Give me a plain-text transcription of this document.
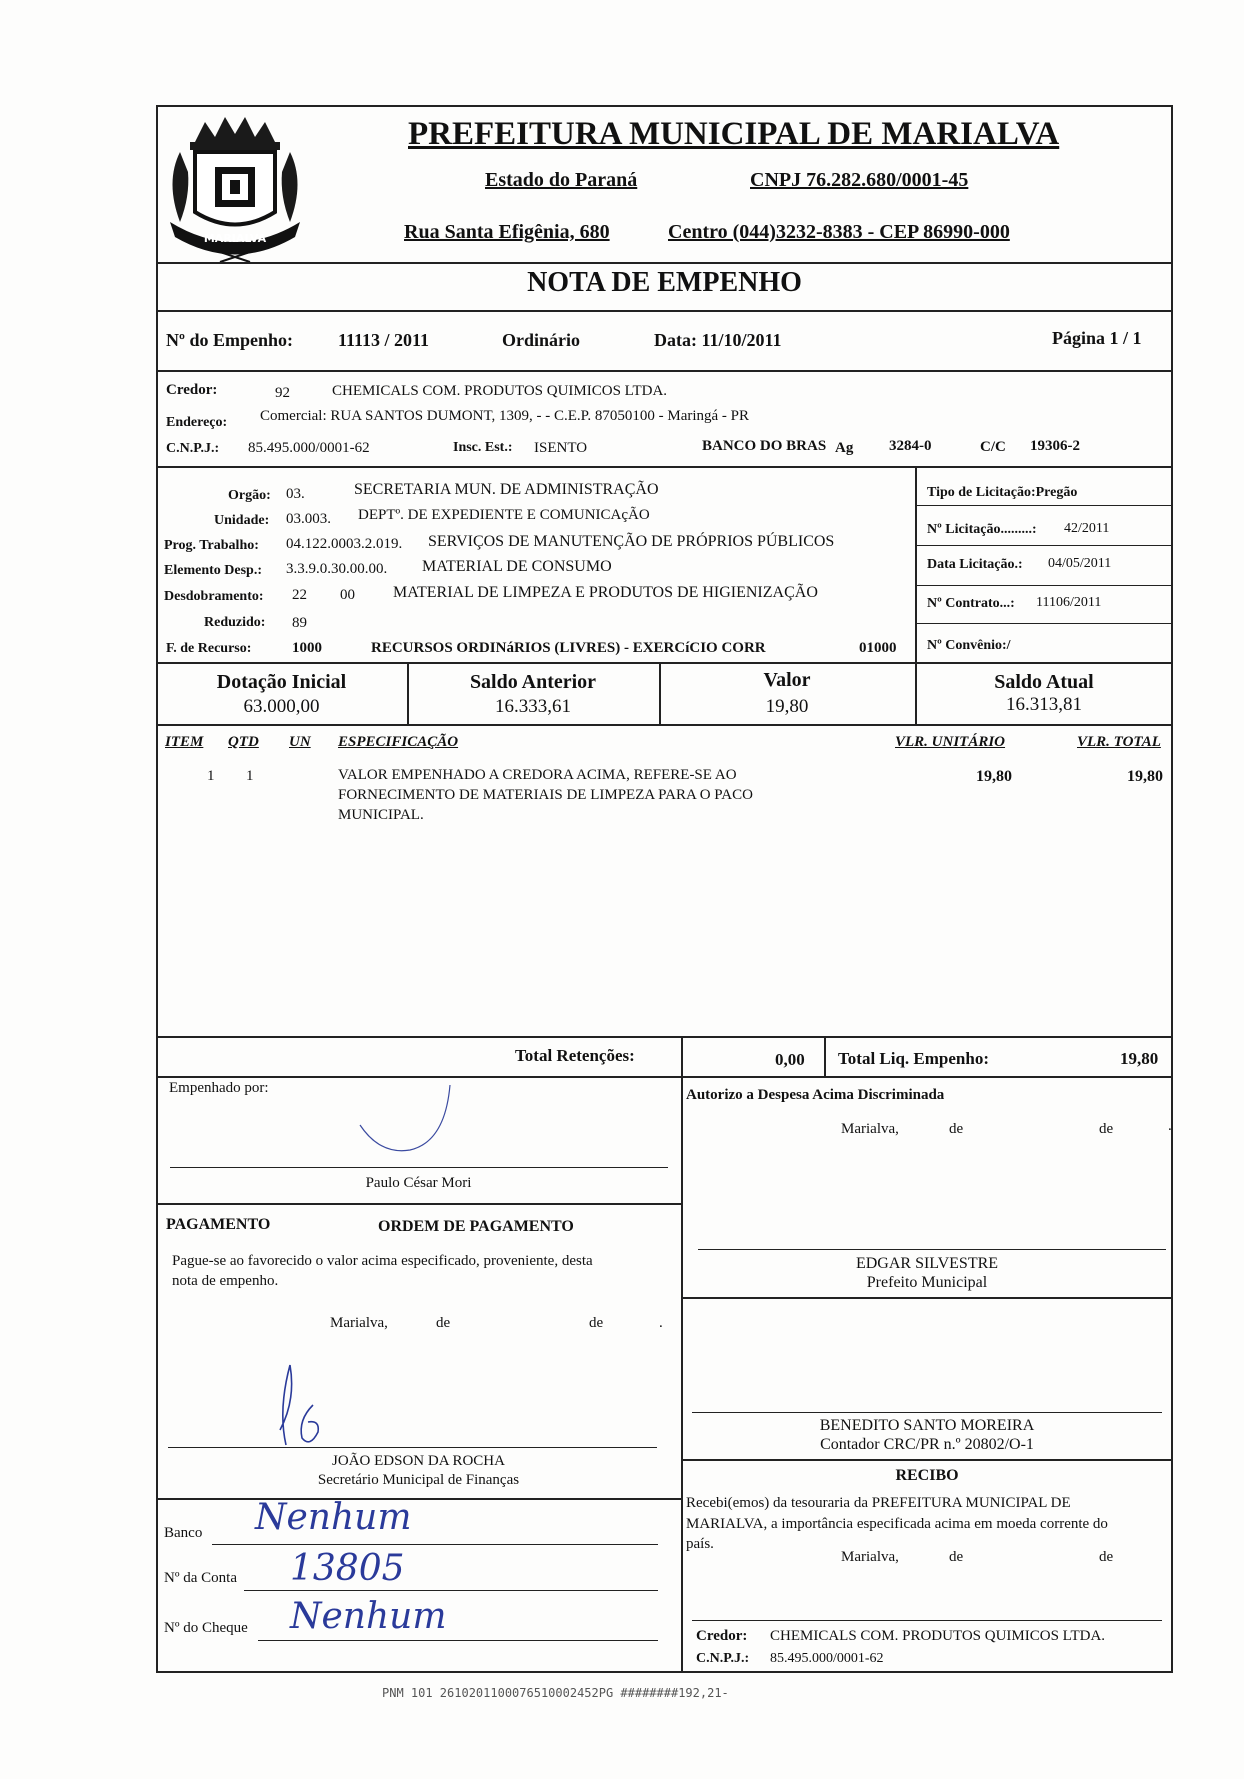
MARIALVA
PREFEITURA MUNICIPAL DE MARIALVA
Estado do Paraná	CNPJ 76.282.680/0001-45
Rua Santa Efigênia, 680	Centro (044)3232-8383 - CEP 86990-000
NOTA DE EMPENHO
Nº do Empenho:	11113 / 2011	Ordinário	Data: 11/10/2011	Página 1 / 1
Credor:	92	CHEMICALS COM. PRODUTOS QUIMICOS LTDA.
Endereço: Comercial: RUA SANTOS DUMONT, 1309, - - C.E.P. 87050100 - Maringá - PR
C.N.P.J.: 85.495.000/0001-62	Insc. Est.: ISENTO	BANCO DO BRAS Ag 3284-0	C/C 19306-2
Orgão: 03.	SECRETARIA MUN. DE ADMINISTRAÇÃO
Unidade: 03.003. DEPTº. DE EXPEDIENTE E COMUNICAçÃO
Prog. Trabalho: 04.122.0003.2.019. SERVIÇOS DE MANUTENÇÃO DE PRÓPRIOS PÚBLICOS
Elemento Desp.: 3.3.9.0.30.00.00. MATERIAL DE CONSUMO
Desdobramento: 22 00 MATERIAL DE LIMPEZA E PRODUTOS DE HIGIENIZAÇÃO
Reduzido: 89
F. de Recurso:	1000	RECURSOS ORDINáRIOS (LIVRES) - EXERCíCIO CORR	01000
Tipo de Licitação:Pregão
Nº Licitação.........: 42/2011
Data Licitação.: 04/05/2011
Nº Contrato...: 11106/2011
Nº Convênio:/
Dotação Inicial
63.000,00
Saldo Anterior
16.333,61
Valor
19,80
Saldo Atual
16.313,81
ITEM QTD UN ESPECIFICAÇÃO	VLR. UNITÁRIO	VLR. TOTAL
1 1	VALOR EMPENHADO A CREDORA ACIMA, REFERE-SE AO
FORNECIMENTO DE MATERIAIS DE LIMPEZA PARA O PACO
MUNICIPAL.
19,80	19,80
Total Retenções:	0,00 Total Liq. Empenho:	19,80
Empenhado por:
Paulo César Mori
Autorizo a Despesa Acima Discriminada
Marialva,	de	de	.
EDGAR SILVESTRE
Prefeito Municipal
BENEDITO SANTO MOREIRA
Contador CRC/PR n.º 20802/O-1
RECIBO
Recebi(emos) da tesouraria da PREFEITURA MUNICIPAL DE
MARIALVA, a importância especificada acima em moeda corrente do
país.
Marialva,	de	de
Credor: CHEMICALS COM. PRODUTOS QUIMICOS LTDA.
C.N.P.J.: 85.495.000/0001-62
PAGAMENTO	ORDEM DE PAGAMENTO
Pague-se ao favorecido o valor acima especificado, proveniente, desta
nota de empenho.
Marialva,	de	de	.
JOÃO EDSON DA ROCHA
Secretário Municipal de Finanças
Banco Nenhum
Nº da Conta 13805
Nº do Cheque Nenhum
PNM 101 2610201100076510002452PG ########192,21-
